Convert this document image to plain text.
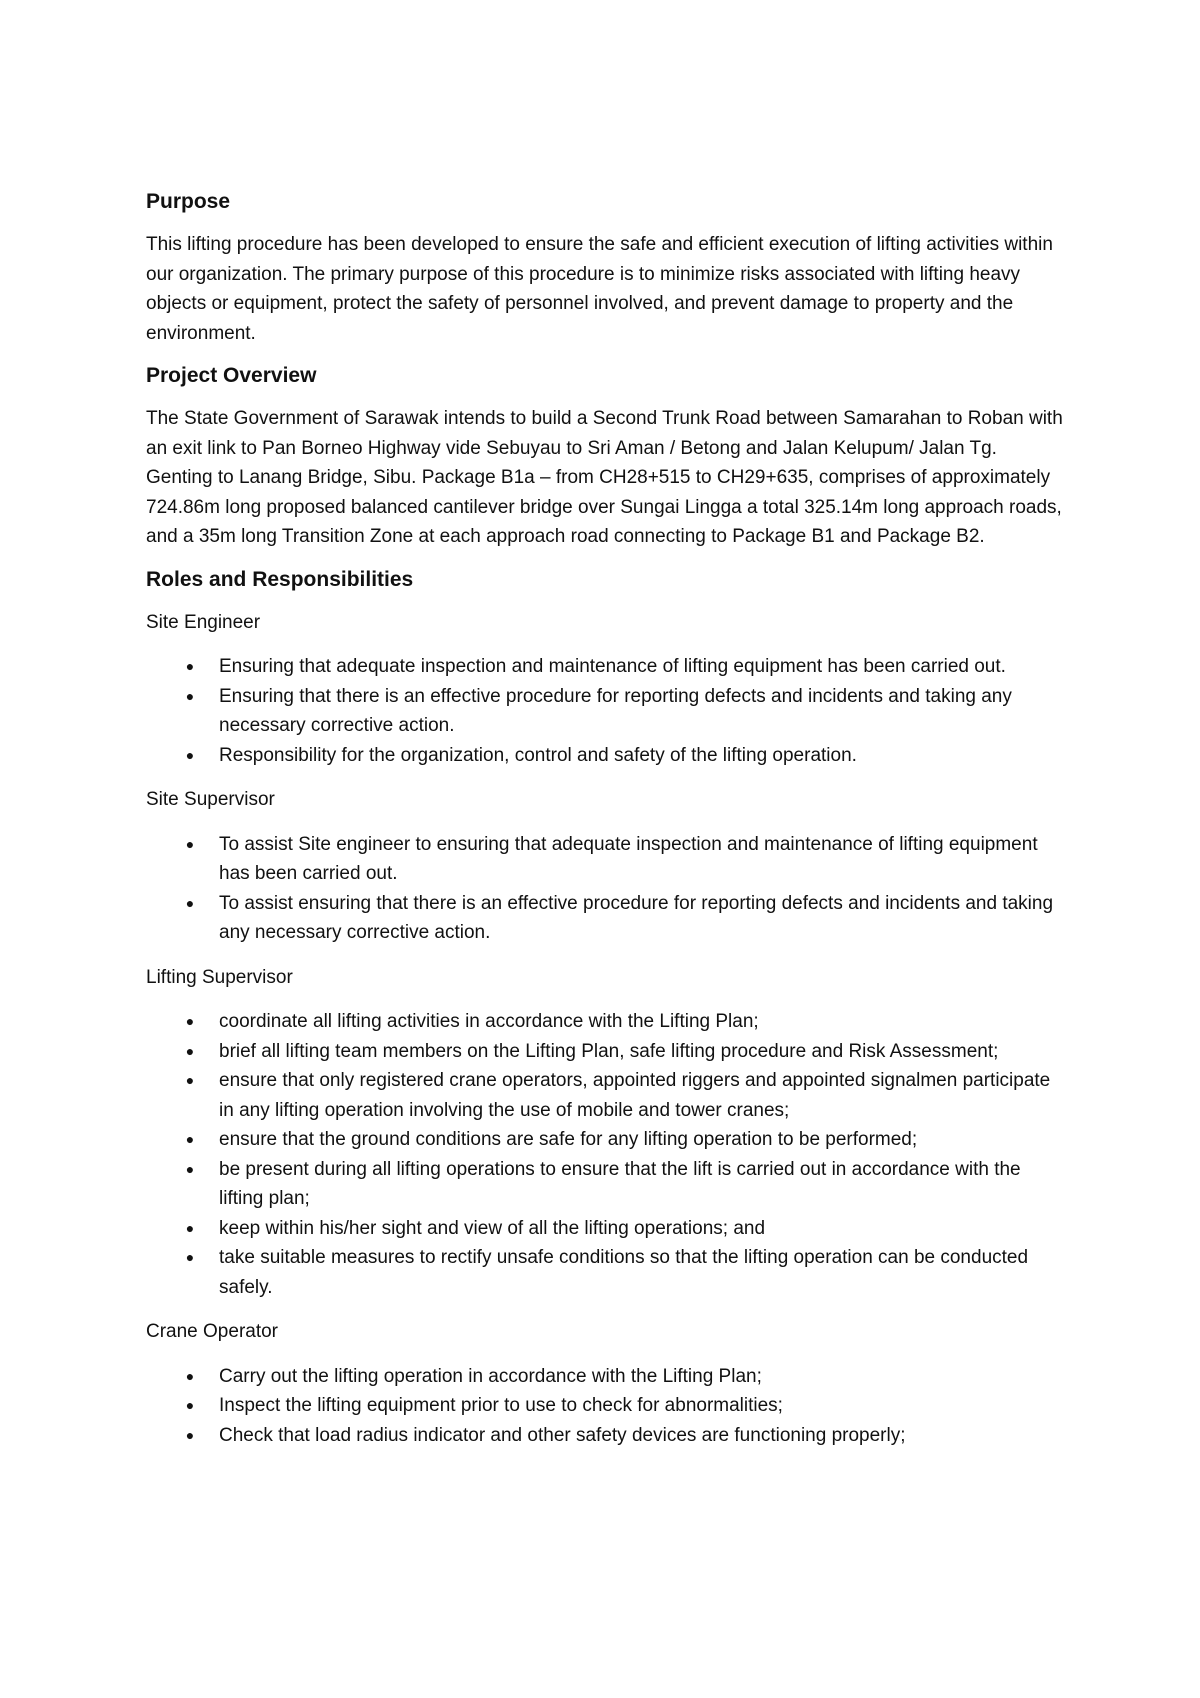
Purpose

This lifting procedure has been developed to ensure the safe and efficient execution of lifting activities within our organization. The primary purpose of this procedure is to minimize risks associated with lifting heavy objects or equipment, protect the safety of personnel involved, and prevent damage to property and the environment.

Project Overview

The State Government of Sarawak intends to build a Second Trunk Road between Samarahan to Roban with an exit link to Pan Borneo Highway vide Sebuyau to Sri Aman / Betong and Jalan Kelupum/ Jalan Tg. Genting to Lanang Bridge, Sibu. Package B1a – from CH28+515 to CH29+635, comprises of approximately 724.86m long proposed balanced cantilever bridge over Sungai Lingga a total 325.14m long approach roads, and a 35m long Transition Zone at each approach road connecting to Package B1 and Package B2.

Roles and Responsibilities

Site Engineer

● Ensuring that adequate inspection and maintenance of lifting equipment has been carried out.
● Ensuring that there is an effective procedure for reporting defects and incidents and taking any necessary corrective action.
● Responsibility for the organization, control and safety of the lifting operation.

Site Supervisor

● To assist Site engineer to ensuring that adequate inspection and maintenance of lifting equipment has been carried out.
● To assist ensuring that there is an effective procedure for reporting defects and incidents and taking any necessary corrective action.

Lifting Supervisor

● coordinate all lifting activities in accordance with the Lifting Plan;
● brief all lifting team members on the Lifting Plan, safe lifting procedure and Risk Assessment;
● ensure that only registered crane operators, appointed riggers and appointed signalmen participate in any lifting operation involving the use of mobile and tower cranes;
● ensure that the ground conditions are safe for any lifting operation to be performed;
● be present during all lifting operations to ensure that the lift is carried out in accordance with the lifting plan;
● keep within his/her sight and view of all the lifting operations; and
● take suitable measures to rectify unsafe conditions so that the lifting operation can be conducted safely.

Crane Operator

● Carry out the lifting operation in accordance with the Lifting Plan;
● Inspect the lifting equipment prior to use to check for abnormalities;
● Check that load radius indicator and other safety devices are functioning properly;
